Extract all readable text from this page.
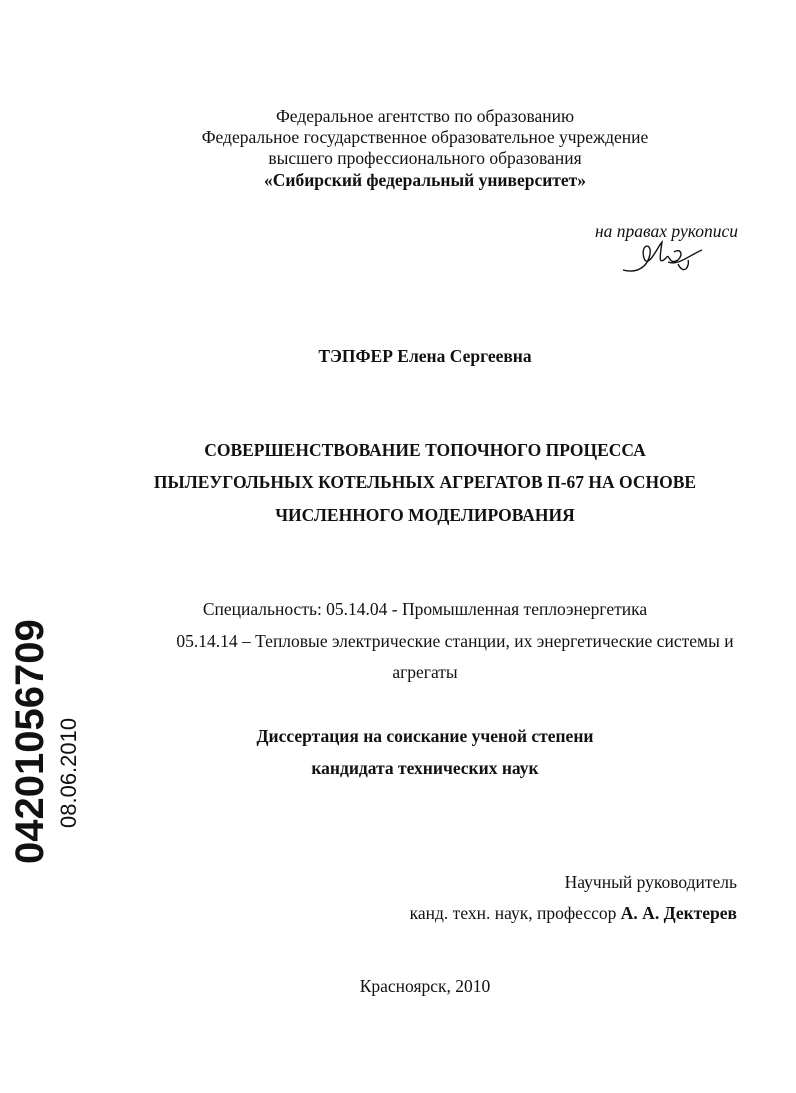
Федеральное агентство по образованию
Федеральное государственное образовательное учреждение
высшего профессионального образования
«Сибирский федеральный университет»
на правах рукописи
ТЭПФЕР Елена Сергеевна
СОВЕРШЕНСТВОВАНИЕ ТОПОЧНОГО ПРОЦЕССА
ПЫЛЕУГОЛЬНЫХ КОТЕЛЬНЫХ АГРЕГАТОВ П-67 НА ОСНОВЕ
ЧИСЛЕННОГО МОДЕЛИРОВАНИЯ
Специальность: 05.14.04 - Промышленная теплоэнергетика
05.14.14 – Тепловые электрические станции, их энергетические системы и
агрегаты
Диссертация на соискание ученой степени
кандидата технических наук
Научный руководитель
канд. техн. наук, профессор А. А. Дектерев
Красноярск, 2010
04201056709 08.06.2010
